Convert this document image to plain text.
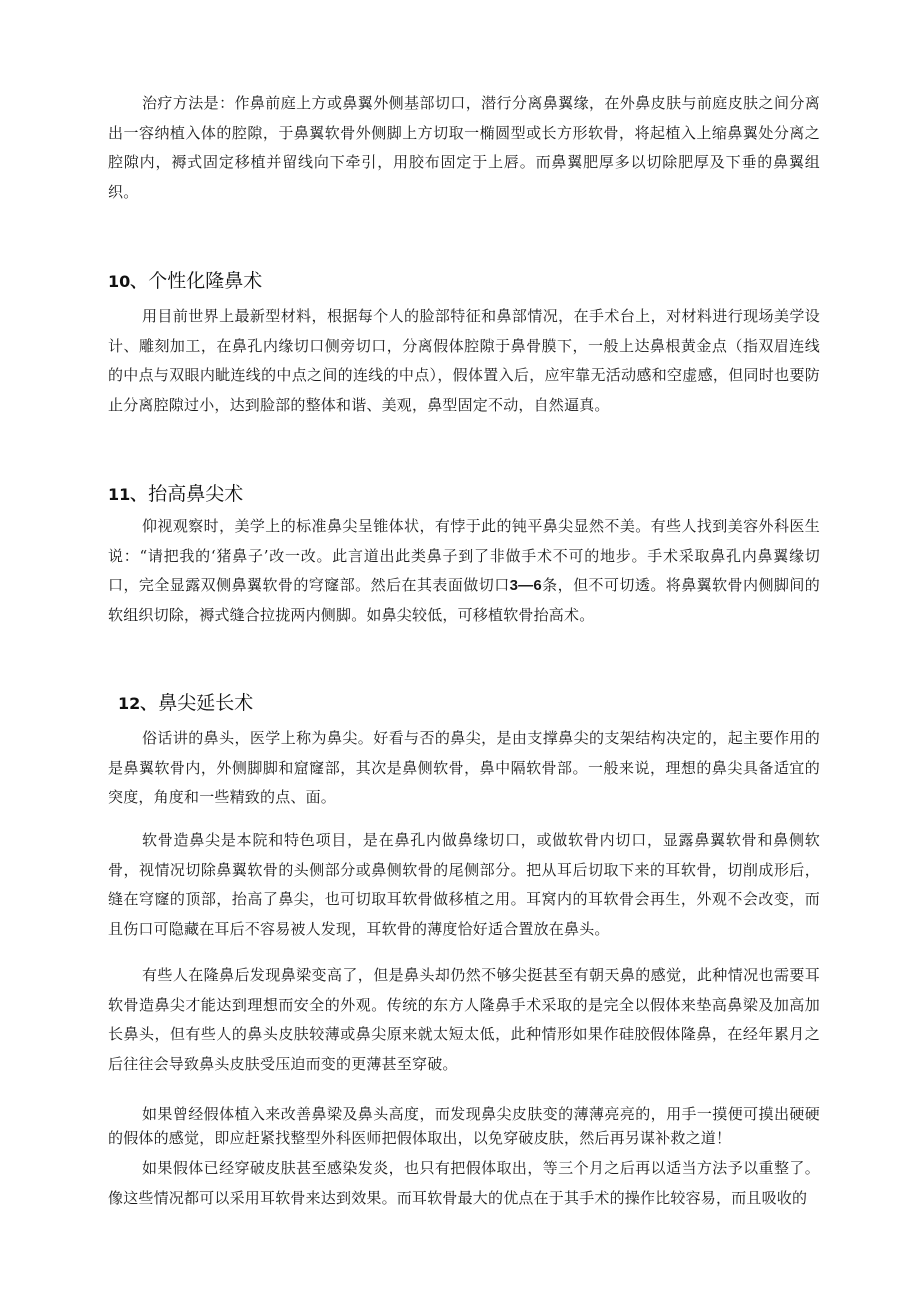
治疗方法是：作鼻前庭上方或鼻翼外侧基部切口，潜行分离鼻翼缘，在外鼻皮肤与前庭皮肤之间分离出一容纳植入体的腔隙，于鼻翼软骨外侧脚上方切取一椭圆型或长方形软骨，将起植入上缩鼻翼处分离之腔隙内，褥式固定移植并留线向下牵引，用胶布固定于上唇。而鼻翼肥厚多以切除肥厚及下垂的鼻翼组织。

10、 个性化隆鼻术

用目前世界上最新型材料，根据每个人的脸部特征和鼻部情况，在手术台上，对材料进行现场美学设计、雕刻加工，在鼻孔内缘切口侧旁切口，分离假体腔隙于鼻骨膜下，一般上达鼻根黄金点（指双眉连线的中点与双眼内眦连线的中点之间的连线的中点），假体置入后，应牢靠无活动感和空虚感，但同时也要防止分离腔隙过小，达到脸部的整体和谐、美观，鼻型固定不动，自然逼真。

11、 抬高鼻尖术

仰视观察时，美学上的标准鼻尖呈锥体状，有悖于此的钝平鼻尖显然不美。有些人找到美容外科医生说：“请把我的‘猪鼻子’改一改。此言道出此类鼻子到了非做手术不可的地步。手术采取鼻孔内鼻翼缘切口，完全显露双侧鼻翼软骨的穹窿部。然后在其表面做切口3—6条，但不可切透。将鼻翼软骨内侧脚间的软组织切除，褥式缝合拉拢两内侧脚。如鼻尖较低，可移植软骨抬高术。

12、 鼻尖延长术

俗话讲的鼻头，医学上称为鼻尖。好看与否的鼻尖，是由支撑鼻尖的支架结构决定的，起主要作用的是鼻翼软骨内，外侧脚脚和窟窿部，其次是鼻侧软骨，鼻中隔软骨部。一般来说，理想的鼻尖具备适宜的突度，角度和一些精致的点、面。

软骨造鼻尖是本院和特色项目，是在鼻孔内做鼻缘切口，或做软骨内切口，显露鼻翼软骨和鼻侧软骨，视情况切除鼻翼软骨的头侧部分或鼻侧软骨的尾侧部分。把从耳后切取下来的耳软骨，切削成形后，缝在穹窿的顶部，抬高了鼻尖，也可切取耳软骨做移植之用。耳窝内的耳软骨会再生，外观不会改变，而且伤口可隐藏在耳后不容易被人发现，耳软骨的薄度恰好适合置放在鼻头。

有些人在隆鼻后发现鼻梁变高了，但是鼻头却仍然不够尖挺甚至有朝天鼻的感觉，此种情况也需要耳软骨造鼻尖才能达到理想而安全的外观。传统的东方人隆鼻手术采取的是完全以假体来垫高鼻梁及加高加长鼻头，但有些人的鼻头皮肤较薄或鼻尖原来就太短太低，此种情形如果作硅胶假体隆鼻，在经年累月之后往往会导致鼻头皮肤受压迫而变的更薄甚至穿破。

如果曾经假体植入来改善鼻梁及鼻头高度，而发现鼻尖皮肤变的薄薄亮亮的，用手一摸便可摸出硬硬的假体的感觉，即应赶紧找整型外科医师把假体取出，以免穿破皮肤，然后再另谋补救之道！

如果假体已经穿破皮肤甚至感染发炎，也只有把假体取出，等三个月之后再以适当方法予以重整了。像这些情况都可以采用耳软骨来达到效果。而耳软骨最大的优点在于其手术的操作比较容易，而且吸收的
